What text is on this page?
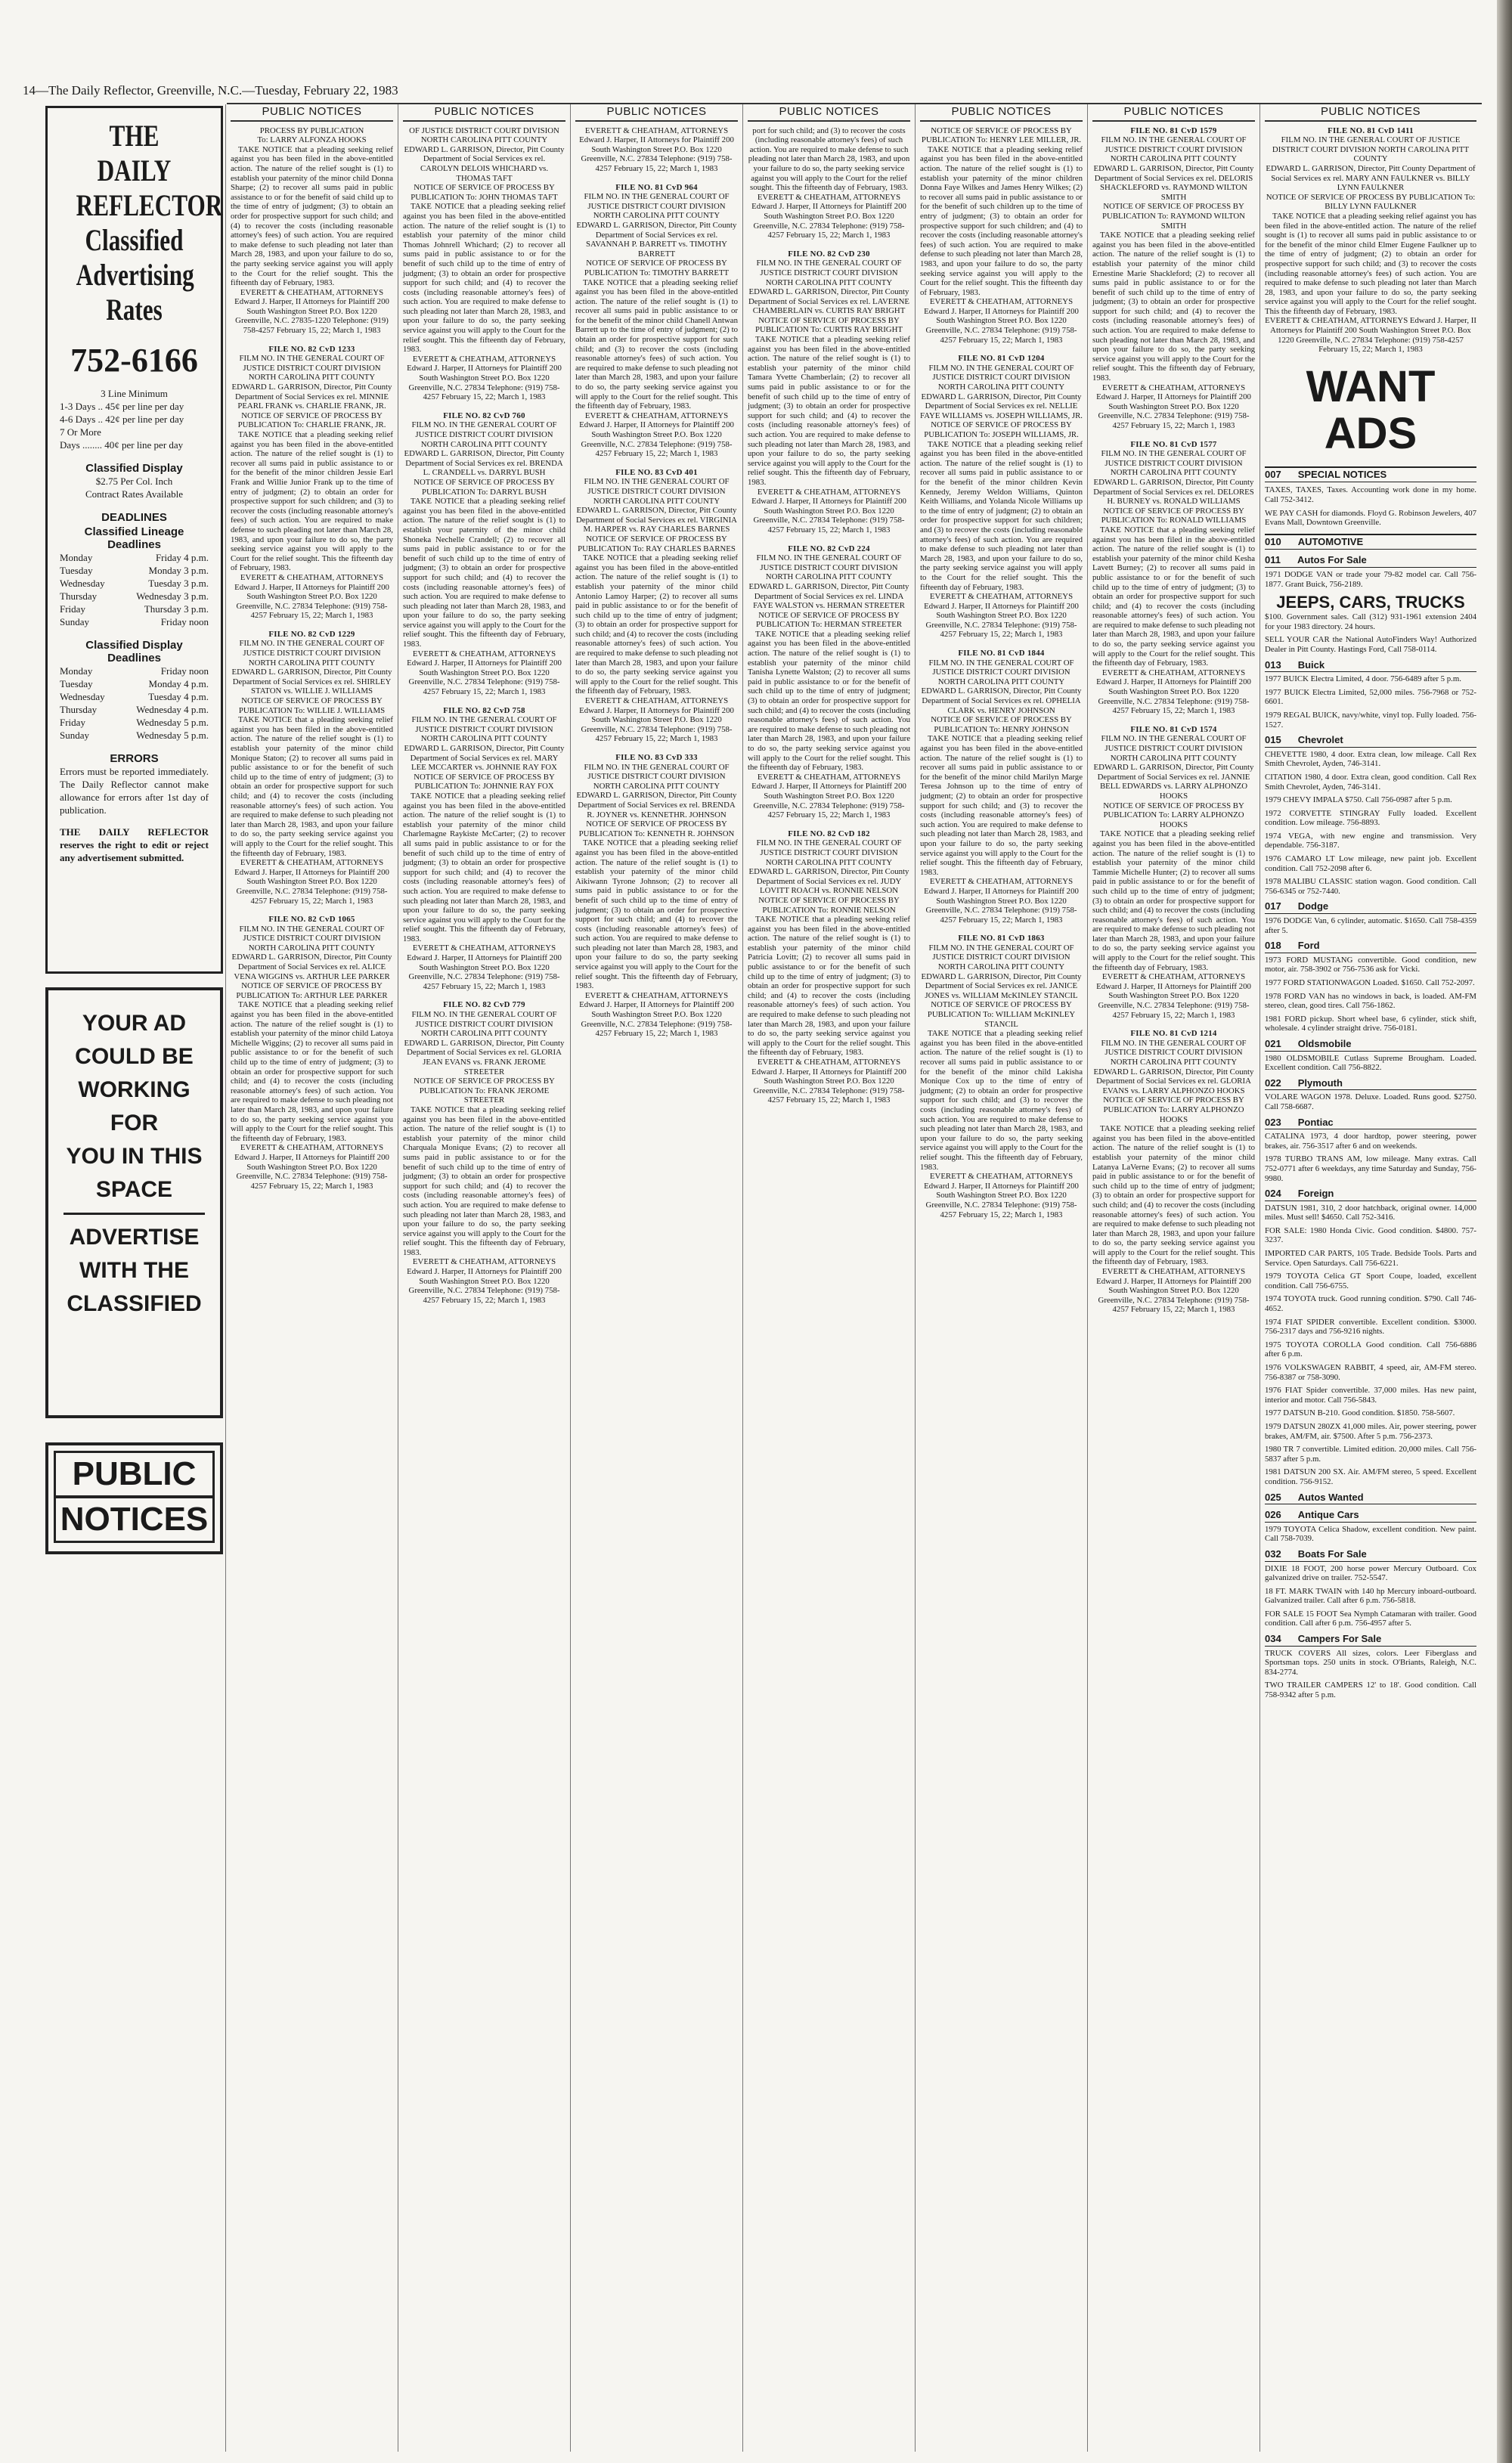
14—The Daily Reflector, Greenville, N.C.—Tuesday, February 22, 1983
THE DAILY
REFLECTOR
Classified
Advertising
Rates
752-6166
3 Line Minimum
1-3 Days .. 45¢ per line per day
4-6 Days .. 42¢ per line per day
7 Or More
Days ........ 40¢ per line per day
Classified Display
$2.75 Per Col. Inch
Contract Rates Available
DEADLINES
Classified Lineage Deadlines
Monday	Friday 4 p.m.
Tuesday	Monday 3 p.m.
Wednesday	Tuesday 3 p.m.
Thursday	Wednesday 3 p.m.
Friday	Thursday 3 p.m.
Sunday	Friday noon
Classified Display Deadlines
Monday	Friday noon
Tuesday	Monday 4 p.m.
Wednesday	Tuesday 4 p.m.
Thursday	Wednesday 4 p.m.
Friday	Wednesday 5 p.m.
Sunday	Wednesday 5 p.m.
ERRORS
Errors must be reported immediately. The Daily Reflector cannot make allowance for errors after 1st day of publication.
THE DAILY REFLECTOR reserves the right to edit or reject any advertisement submitted.
YOUR AD
COULD BE
WORKING
FOR
YOU IN THIS
SPACE
ADVERTISE
WITH THE
CLASSIFIED
PUBLIC
NOTICES
PUBLIC NOTICES
PROCESS BY PUBLICATION
To: LARRY ALFONZA HOOKS

TAKE NOTICE that a pleading seeking relief against you has been filed in the above-entitled action. The nature of the relief sought is (1) to establish your paternity of the minor child Donna Sharpe; (2) to recover all sums paid in public assistance to or for the benefit of said child up to the time of entry of judgment; (3) to obtain an order for prospective support for such child; and (4) to recover the costs (including reasonable attorney's fees) of such action. You are required to make defense to such pleading not later than March 28, 1983, and upon your failure to do so, the party seeking service against you will apply to the Court for the relief sought. This the fifteenth day of February, 1983.

EVERETT & CHEATHAM, ATTORNEYS Edward J. Harper, II Attorneys for Plaintiff 200 South Washington Street P.O. Box 1220 Greenville, N.C. 27835-1220 Telephone: (919) 758-4257 February 15, 22; March 1, 1983
FILE NO. 82 CvD 1233
FILM NO. IN THE GENERAL COURT OF JUSTICE DISTRICT COURT DIVISION NORTH CAROLINA PITT COUNTY
EDWARD L. GARRISON, Director, Pitt County Department of Social Services ex rel. MINNIE PEARL FRANK vs. CHARLIE FRANK, JR.
NOTICE OF SERVICE OF PROCESS BY PUBLICATION To: CHARLIE FRANK, JR.

TAKE NOTICE that a pleading seeking relief against you has been filed in the above-entitled action. The nature of the relief sought is (1) to recover all sums paid in public assistance to or for the benefit of the minor children Jessie Earl Frank and Willie Junior Frank up to the time of entry of judgment; (2) to obtain an order for prospective support for such children; and (3) to recover the costs (including reasonable attorney's fees) of such action. You are required to make defense to such pleading not later than March 28, 1983, and upon your failure to do so, the party seeking service against you will apply to the Court for the relief sought. This the fifteenth day of February, 1983.

EVERETT & CHEATHAM, ATTORNEYS Edward J. Harper, II Attorneys for Plaintiff 200 South Washington Street P.O. Box 1220 Greenville, N.C. 27834 Telephone: (919) 758-4257 February 15, 22; March 1, 1983
FILE NO. 82 CvD 1229
FILM NO. IN THE GENERAL COURT OF JUSTICE DISTRICT COURT DIVISION NORTH CAROLINA PITT COUNTY
EDWARD L. GARRISON, Director, Pitt County Department of Social Services ex rel. SHIRLEY STATON vs. WILLIE J. WILLIAMS
NOTICE OF SERVICE OF PROCESS BY PUBLICATION To: WILLIE J. WILLIAMS

TAKE NOTICE that a pleading seeking relief against you has been filed in the above-entitled action. The nature of the relief sought is (1) to establish your paternity of the minor child Monique Staton; (2) to recover all sums paid in public assistance to or for the benefit of such child up to the time of entry of judgment; (3) to obtain an order for prospective support for such child; and (4) to recover the costs (including reasonable attorney's fees) of such action. You are required to make defense to such pleading not later than March 28, 1983, and upon your failure to do so, the party seeking service against you will apply to the Court for the relief sought. This the fifteenth day of February, 1983.

EVERETT & CHEATHAM, ATTORNEYS Edward J. Harper, II Attorneys for Plaintiff 200 South Washington Street P.O. Box 1220 Greenville, N.C. 27834 Telephone: (919) 758-4257 February 15, 22; March 1, 1983
FILE NO. 82 CvD 1065
FILM NO. IN THE GENERAL COURT OF JUSTICE DISTRICT COURT DIVISION NORTH CAROLINA PITT COUNTY
EDWARD L. GARRISON, Director, Pitt County Department of Social Services ex rel. ALICE VENA WIGGINS vs. ARTHUR LEE PARKER
NOTICE OF SERVICE OF PROCESS BY PUBLICATION To: ARTHUR LEE PARKER

TAKE NOTICE that a pleading seeking relief against you has been filed in the above-entitled action. The nature of the relief sought is (1) to establish your paternity of the minor child Latoya Michelle Wiggins; (2) to recover all sums paid in public assistance to or for the benefit of such child up to the time of entry of judgment; (3) to obtain an order for prospective support for such child; and (4) to recover the costs (including reasonable attorney's fees) of such action. You are required to make defense to such pleading not later than March 28, 1983, and upon your failure to do so, the party seeking service against you will apply to the Court for the relief sought. This the fifteenth day of February, 1983.

EVERETT & CHEATHAM, ATTORNEYS Edward J. Harper, II Attorneys for Plaintiff 200 South Washington Street P.O. Box 1220 Greenville, N.C. 27834 Telephone: (919) 758-4257 February 15, 22; March 1, 1983
PUBLIC NOTICES
OF JUSTICE DISTRICT COURT DIVISION NORTH CAROLINA PITT COUNTY
EDWARD L. GARRISON, Director, Pitt County Department of Social Services ex rel. CAROLYN DELOIS WHICHARD vs. THOMAS TAFT
NOTICE OF SERVICE OF PROCESS BY PUBLICATION To: JOHN THOMAS TAFT

TAKE NOTICE that a pleading seeking relief against you has been filed in the above-entitled action. The nature of the relief sought is (1) to establish your paternity of the minor child Thomas Johnrell Whichard; (2) to recover all sums paid in public assistance to or for the benefit of such child up to the time of entry of judgment; (3) to obtain an order for prospective support for such child; and (4) to recover the costs (including reasonable attorney's fees) of such action. You are required to make defense to such pleading not later than March 28, 1983, and upon your failure to do so, the party seeking service against you will apply to the Court for the relief sought. This the fifteenth day of February, 1983.

EVERETT & CHEATHAM, ATTORNEYS Edward J. Harper, II Attorneys for Plaintiff 200 South Washington Street P.O. Box 1220 Greenville, N.C. 27834 Telephone: (919) 758-4257 February 15, 22; March 1, 1983
FILE NO. 82 CvD 760
FILM NO. IN THE GENERAL COURT OF JUSTICE DISTRICT COURT DIVISION NORTH CAROLINA PITT COUNTY
EDWARD L. GARRISON, Director, Pitt County Department of Social Services ex rel. BRENDA L. CRANDELL vs. DARRYL BUSH
NOTICE OF SERVICE OF PROCESS BY PUBLICATION To: DARRYL BUSH

TAKE NOTICE that a pleading seeking relief against you has been filed in the above-entitled action. The nature of the relief sought is (1) to establish your paternity of the minor child Shoneka Nechelle Crandell; (2) to recover all sums paid in public assistance to or for the benefit of such child up to the time of entry of judgment; (3) to obtain an order for prospective support for such child; and (4) to recover the costs (including reasonable attorney's fees) of such action. You are required to make defense to such pleading not later than March 28, 1983, and upon your failure to do so, the party seeking service against you will apply to the Court for the relief sought. This the fifteenth day of February, 1983.

EVERETT & CHEATHAM, ATTORNEYS Edward J. Harper, II Attorneys for Plaintiff 200 South Washington Street P.O. Box 1220 Greenville, N.C. 27834 Telephone: (919) 758-4257 February 15, 22; March 1, 1983
FILE NO. 82 CvD 758
FILM NO. IN THE GENERAL COURT OF JUSTICE DISTRICT COURT DIVISION NORTH CAROLINA PITT COUNTY
EDWARD L. GARRISON, Director, Pitt County Department of Social Services ex rel. MARY LEE MCCARTER vs. JOHNNIE RAY FOX
NOTICE OF SERVICE OF PROCESS BY PUBLICATION To: JOHNNIE RAY FOX

TAKE NOTICE that a pleading seeking relief against you has been filed in the above-entitled action. The nature of the relief sought is (1) to establish your paternity of the minor child Charlemagne Raykiste McCarter; (2) to recover all sums paid in public assistance to or for the benefit of such child up to the time of entry of judgment; (3) to obtain an order for prospective support for such child; and (4) to recover the costs (including reasonable attorney's fees) of such action. You are required to make defense to such pleading not later than March 28, 1983, and upon your failure to do so, the party seeking service against you will apply to the Court for the relief sought. This the fifteenth day of February, 1983.

EVERETT & CHEATHAM, ATTORNEYS Edward J. Harper, II Attorneys for Plaintiff 200 South Washington Street P.O. Box 1220 Greenville, N.C. 27834 Telephone: (919) 758-4257 February 15, 22; March 1, 1983
FILE NO. 82 CvD 779
FILM NO. IN THE GENERAL COURT OF JUSTICE DISTRICT COURT DIVISION NORTH CAROLINA PITT COUNTY
EDWARD L. GARRISON, Director, Pitt County Department of Social Services ex rel. GLORIA JEAN EVANS vs. FRANK JEROME STREETER
NOTICE OF SERVICE OF PROCESS BY PUBLICATION To: FRANK JEROME STREETER

TAKE NOTICE that a pleading seeking relief against you has been filed in the above-entitled action. The nature of the relief sought is (1) to establish your paternity of the minor child Charquala Monique Evans; (2) to recover all sums paid in public assistance to or for the benefit of such child up to the time of entry of judgment; (3) to obtain an order for prospective support for such child; and (4) to recover the costs (including reasonable attorney's fees) of such action. You are required to make defense to such pleading not later than March 28, 1983, and upon your failure to do so, the party seeking service against you will apply to the Court for the relief sought. This the fifteenth day of February, 1983.

EVERETT & CHEATHAM, ATTORNEYS Edward J. Harper, II Attorneys for Plaintiff 200 South Washington Street P.O. Box 1220 Greenville, N.C. 27834 Telephone: (919) 758-4257 February 15, 22; March 1, 1983
PUBLIC NOTICES
EVERETT & CHEATHAM, ATTORNEYS Edward J. Harper, II Attorneys for Plaintiff 200 South Washington Street P.O. Box 1220 Greenville, N.C. 27834 Telephone: (919) 758-4257 February 15, 22; March 1, 1983
FILE NO. 81 CvD 964
FILM NO. IN THE GENERAL COURT OF JUSTICE DISTRICT COURT DIVISION NORTH CAROLINA PITT COUNTY
EDWARD L. GARRISON, Director, Pitt County Department of Social Services ex rel. SAVANNAH P. BARRETT vs. TIMOTHY BARRETT
NOTICE OF SERVICE OF PROCESS BY PUBLICATION To: TIMOTHY BARRETT

TAKE NOTICE that a pleading seeking relief against you has been filed in the above-entitled action. The nature of the relief sought is (1) to recover all sums paid in public assistance to or for the benefit of the minor child Chanell Antwan Barrett up to the time of entry of judgment; (2) to obtain an order for prospective support for such child; and (3) to recover the costs (including reasonable attorney's fees) of such action. You are required to make defense to such pleading not later than March 28, 1983, and upon your failure to do so, the party seeking service against you will apply to the Court for the relief sought. This the fifteenth day of February, 1983.

EVERETT & CHEATHAM, ATTORNEYS Edward J. Harper, II Attorneys for Plaintiff 200 South Washington Street P.O. Box 1220 Greenville, N.C. 27834 Telephone: (919) 758-4257 February 15, 22; March 1, 1983
FILE NO. 83 CvD 401
FILM NO. IN THE GENERAL COURT OF JUSTICE DISTRICT COURT DIVISION NORTH CAROLINA PITT COUNTY
EDWARD L. GARRISON, Director, Pitt County Department of Social Services ex rel. VIRGINIA M. HARPER vs. RAY CHARLES BARNES
NOTICE OF SERVICE OF PROCESS BY PUBLICATION To: RAY CHARLES BARNES

TAKE NOTICE that a pleading seeking relief against you has been filed in the above-entitled action. The nature of the relief sought is (1) to establish your paternity of the minor child Antonio Lamoy Harper; (2) to recover all sums paid in public assistance to or for the benefit of such child up to the time of entry of judgment; (3) to obtain an order for prospective support for such child; and (4) to recover the costs (including reasonable attorney's fees) of such action. You are required to make defense to such pleading not later than March 28, 1983, and upon your failure to do so, the party seeking service against you will apply to the Court for the relief sought. This the fifteenth day of February, 1983.

EVERETT & CHEATHAM, ATTORNEYS Edward J. Harper, II Attorneys for Plaintiff 200 South Washington Street P.O. Box 1220 Greenville, N.C. 27834 Telephone: (919) 758-4257 February 15, 22; March 1, 1983
FILE NO. 83 CvD 333
FILM NO. IN THE GENERAL COURT OF JUSTICE DISTRICT COURT DIVISION NORTH CAROLINA PITT COUNTY
EDWARD L. GARRISON, Director, Pitt County Department of Social Services ex rel. BRENDA R. JOYNER vs. KENNETHR. JOHNSON
NOTICE OF SERVICE OF PROCESS BY PUBLICATION To: KENNETH R. JOHNSON

TAKE NOTICE that a pleading seeking relief against you has been filed in the above-entitled action. The nature of the relief sought is (1) to establish your paternity of the minor child Aikiwann Tyrone Johnson; (2) to recover all sums paid in public assistance to or for the benefit of such child up to the time of entry of judgment; (3) to obtain an order for prospective support for such child; and (4) to recover the costs (including reasonable attorney's fees) of such action. You are required to make defense to such pleading not later than March 28, 1983, and upon your failure to do so, the party seeking service against you will apply to the Court for the relief sought. This the fifteenth day of February, 1983.

EVERETT & CHEATHAM, ATTORNEYS Edward J. Harper, II Attorneys for Plaintiff 200 South Washington Street P.O. Box 1220 Greenville, N.C. 27834 Telephone: (919) 758-4257 February 15, 22; March 1, 1983
PUBLIC NOTICES
port for such child; and (3) to recover the costs (including reasonable attorney's fees) of such action. You are required to make defense to such pleading not later than March 28, 1983, and upon your failure to do so, the party seeking service against you will apply to the Court for the relief sought. This the fifteenth day of February, 1983.
EVERETT & CHEATHAM, ATTORNEYS Edward J. Harper, II Attorneys for Plaintiff 200 South Washington Street P.O. Box 1220 Greenville, N.C. 27834 Telephone: (919) 758-4257 February 15, 22; March 1, 1983
FILE NO. 82 CvD 230
FILM NO. IN THE GENERAL COURT OF JUSTICE DISTRICT COURT DIVISION NORTH CAROLINA PITT COUNTY
EDWARD L. GARRISON, Director, Pitt County Department of Social Services ex rel. LAVERNE CHAMBERLAIN vs. CURTIS RAY BRIGHT
NOTICE OF SERVICE OF PROCESS BY PUBLICATION To: CURTIS RAY BRIGHT

TAKE NOTICE that a pleading seeking relief against you has been filed in the above-entitled action. The nature of the relief sought is (1) to establish your paternity of the minor child Tamara Yvette Chamberlain; (2) to recover all sums paid in public assistance to or for the benefit of such child up to the time of entry of judgment; (3) to obtain an order for prospective support for such child; and (4) to recover the costs (including reasonable attorney's fees) of such action. You are required to make defense to such pleading not later than March 28, 1983, and upon your failure to do so, the party seeking service against you will apply to the Court for the relief sought. This the fifteenth day of February, 1983.

EVERETT & CHEATHAM, ATTORNEYS Edward J. Harper, II Attorneys for Plaintiff 200 South Washington Street P.O. Box 1220 Greenville, N.C. 27834 Telephone: (919) 758-4257 February 15, 22; March 1, 1983
FILE NO. 82 CvD 224
FILM NO. IN THE GENERAL COURT OF JUSTICE DISTRICT COURT DIVISION NORTH CAROLINA PITT COUNTY
EDWARD L. GARRISON, Director, Pitt County Department of Social Services ex rel. LINDA FAYE WALSTON vs. HERMAN STREETER
NOTICE OF SERVICE OF PROCESS BY PUBLICATION To: HERMAN STREETER

TAKE NOTICE that a pleading seeking relief against you has been filed in the above-entitled action. The nature of the relief sought is (1) to establish your paternity of the minor child Tanisha Lynette Walston; (2) to recover all sums paid in public assistance to or for the benefit of such child up to the time of entry of judgment; (3) to obtain an order for prospective support for such child; and (4) to recover the costs (including reasonable attorney's fees) of such action. You are required to make defense to such pleading not later than March 28, 1983, and upon your failure to do so, the party seeking service against you will apply to the Court for the relief sought. This the fifteenth day of February, 1983.

EVERETT & CHEATHAM, ATTORNEYS Edward J. Harper, II Attorneys for Plaintiff 200 South Washington Street P.O. Box 1220 Greenville, N.C. 27834 Telephone: (919) 758-4257 February 15, 22; March 1, 1983
FILE NO. 82 CvD 182
FILM NO. IN THE GENERAL COURT OF JUSTICE DISTRICT COURT DIVISION NORTH CAROLINA PITT COUNTY
EDWARD L. GARRISON, Director, Pitt County Department of Social Services ex rel. JUDY LOVITT ROACH vs. RONNIE NELSON
NOTICE OF SERVICE OF PROCESS BY PUBLICATION To: RONNIE NELSON

TAKE NOTICE that a pleading seeking relief against you has been filed in the above-entitled action. The nature of the relief sought is (1) to establish your paternity of the minor child Patricia Lovitt; (2) to recover all sums paid in public assistance to or for the benefit of such child up to the time of entry of judgment; (3) to obtain an order for prospective support for such child; and (4) to recover the costs (including reasonable attorney's fees) of such action. You are required to make defense to such pleading not later than March 28, 1983, and upon your failure to do so, the party seeking service against you will apply to the Court for the relief sought. This the fifteenth day of February, 1983.

EVERETT & CHEATHAM, ATTORNEYS Edward J. Harper, II Attorneys for Plaintiff 200 South Washington Street P.O. Box 1220 Greenville, N.C. 27834 Telephone: (919) 758-4257 February 15, 22; March 1, 1983
PUBLIC NOTICES
NOTICE OF SERVICE OF PROCESS BY PUBLICATION To: HENRY LEE MILLER, JR.

TAKE NOTICE that a pleading seeking relief against you has been filed in the above-entitled action. The nature of the relief sought is (1) to establish your paternity of the minor children Donna Faye Wilkes and James Henry Wilkes; (2) to recover all sums paid in public assistance to or for the benefit of such children up to the time of entry of judgment; (3) to obtain an order for prospective support for such children; and (4) to recover the costs (including reasonable attorney's fees) of such action. You are required to make defense to such pleading not later than March 28, 1983, and upon your failure to do so, the party seeking service against you will apply to the Court for the relief sought. This the fifteenth day of February, 1983.

EVERETT & CHEATHAM, ATTORNEYS Edward J. Harper, II Attorneys for Plaintiff 200 South Washington Street P.O. Box 1220 Greenville, N.C. 27834 Telephone: (919) 758-4257 February 15, 22; March 1, 1983
FILE NO. 81 CvD 1204
FILM NO. IN THE GENERAL COURT OF JUSTICE DISTRICT COURT DIVISION NORTH CAROLINA PITT COUNTY
EDWARD L. GARRISON, Director, Pitt County Department of Social Services ex rel. NELLIE FAYE WILLIAMS vs. JOSEPH WILLIAMS, JR.
NOTICE OF SERVICE OF PROCESS BY PUBLICATION To: JOSEPH WILLIAMS, JR.

TAKE NOTICE that a pleading seeking relief against you has been filed in the above-entitled action. The nature of the relief sought is (1) to recover all sums paid in public assistance to or for the benefit of the minor children Kevin Kennedy, Jeremy Weldon Williams, Quinton Keith Williams, and Yolanda Nicole Williams up to the time of entry of judgment; (2) to obtain an order for prospective support for such children; and (3) to recover the costs (including reasonable attorney's fees) of such action. You are required to make defense to such pleading not later than March 28, 1983, and upon your failure to do so, the party seeking service against you will apply to the Court for the relief sought. This the fifteenth day of February, 1983.

EVERETT & CHEATHAM, ATTORNEYS Edward J. Harper, II Attorneys for Plaintiff 200 South Washington Street P.O. Box 1220 Greenville, N.C. 27834 Telephone: (919) 758-4257 February 15, 22; March 1, 1983
FILE NO. 81 CvD 1844
FILM NO. IN THE GENERAL COURT OF JUSTICE DISTRICT COURT DIVISION NORTH CAROLINA PITT COUNTY
EDWARD L. GARRISON, Director, Pitt County Department of Social Services ex rel. OPHELIA CLARK vs. HENRY JOHNSON
NOTICE OF SERVICE OF PROCESS BY PUBLICATION To: HENRY JOHNSON

TAKE NOTICE that a pleading seeking relief against you has been filed in the above-entitled action. The nature of the relief sought is (1) to recover all sums paid in public assistance to or for the benefit of the minor child Marilyn Marge Teresa Johnson up to the time of entry of judgment; (2) to obtain an order for prospective support for such child; and (3) to recover the costs (including reasonable attorney's fees) of such action. You are required to make defense to such pleading not later than March 28, 1983, and upon your failure to do so, the party seeking service against you will apply to the Court for the relief sought. This the fifteenth day of February, 1983.

EVERETT & CHEATHAM, ATTORNEYS Edward J. Harper, II Attorneys for Plaintiff 200 South Washington Street P.O. Box 1220 Greenville, N.C. 27834 Telephone: (919) 758-4257 February 15, 22; March 1, 1983
FILE NO. 81 CvD 1863
FILM NO. IN THE GENERAL COURT OF JUSTICE DISTRICT COURT DIVISION NORTH CAROLINA PITT COUNTY
EDWARD L. GARRISON, Director, Pitt County Department of Social Services ex rel. JANICE JONES vs. WILLIAM McKINLEY STANCIL
NOTICE OF SERVICE OF PROCESS BY PUBLICATION To: WILLIAM McKINLEY STANCIL

TAKE NOTICE that a pleading seeking relief against you has been filed in the above-entitled action. The nature of the relief sought is (1) to recover all sums paid in public assistance to or for the benefit of the minor child Lakisha Monique Cox up to the time of entry of judgment; (2) to obtain an order for prospective support for such child; and (3) to recover the costs (including reasonable attorney's fees) of such action. You are required to make defense to such pleading not later than March 28, 1983, and upon your failure to do so, the party seeking service against you will apply to the Court for the relief sought. This the fifteenth day of February, 1983.

EVERETT & CHEATHAM, ATTORNEYS Edward J. Harper, II Attorneys for Plaintiff 200 South Washington Street P.O. Box 1220 Greenville, N.C. 27834 Telephone: (919) 758-4257 February 15, 22; March 1, 1983
PUBLIC NOTICES
FILE NO. 81 CvD 1579
FILM NO. IN THE GENERAL COURT OF JUSTICE DISTRICT COURT DIVISION NORTH CAROLINA PITT COUNTY
EDWARD L. GARRISON, Director, Pitt County Department of Social Services ex rel. DELORIS SHACKLEFORD vs. RAYMOND WILTON SMITH
NOTICE OF SERVICE OF PROCESS BY PUBLICATION To: RAYMOND WILTON SMITH

TAKE NOTICE that a pleading seeking relief against you has been filed in the above-entitled action. The nature of the relief sought is (1) to establish your paternity of the minor child Ernestine Marie Shackleford; (2) to recover all sums paid in public assistance to or for the benefit of such child up to the time of entry of judgment; (3) to obtain an order for prospective support for such child; and (4) to recover the costs (including reasonable attorney's fees) of such action. You are required to make defense to such pleading not later than March 28, 1983, and upon your failure to do so, the party seeking service against you will apply to the Court for the relief sought. This the fifteenth day of February, 1983.

EVERETT & CHEATHAM, ATTORNEYS Edward J. Harper, II Attorneys for Plaintiff 200 South Washington Street P.O. Box 1220 Greenville, N.C. 27834 Telephone: (919) 758-4257 February 15, 22; March 1, 1983
FILE NO. 81 CvD 1577
FILM NO. IN THE GENERAL COURT OF JUSTICE DISTRICT COURT DIVISION NORTH CAROLINA PITT COUNTY
EDWARD L. GARRISON, Director, Pitt County Department of Social Services ex rel. DELORES H. BURNEY vs. RONALD WILLIAMS
NOTICE OF SERVICE OF PROCESS BY PUBLICATION To: RONALD WILLIAMS

TAKE NOTICE that a pleading seeking relief against you has been filed in the above-entitled action. The nature of the relief sought is (1) to establish your paternity of the minor child Kesha Lavett Burney; (2) to recover all sums paid in public assistance to or for the benefit of such child up to the time of entry of judgment; (3) to obtain an order for prospective support for such child; and (4) to recover the costs (including reasonable attorney's fees) of such action. You are required to make defense to such pleading not later than March 28, 1983, and upon your failure to do so, the party seeking service against you will apply to the Court for the relief sought. This the fifteenth day of February, 1983.

EVERETT & CHEATHAM, ATTORNEYS Edward J. Harper, II Attorneys for Plaintiff 200 South Washington Street P.O. Box 1220 Greenville, N.C. 27834 Telephone: (919) 758-4257 February 15, 22; March 1, 1983
FILE NO. 81 CvD 1574
FILM NO. IN THE GENERAL COURT OF JUSTICE DISTRICT COURT DIVISION NORTH CAROLINA PITT COUNTY
EDWARD L. GARRISON, Director, Pitt County Department of Social Services ex rel. JANNIE BELL EDWARDS vs. LARRY ALPHONZO HOOKS
NOTICE OF SERVICE OF PROCESS BY PUBLICATION To: LARRY ALPHONZO HOOKS

TAKE NOTICE that a pleading seeking relief against you has been filed in the above-entitled action. The nature of the relief sought is (1) to establish your paternity of the minor child Tammie Michelle Hunter; (2) to recover all sums paid in public assistance to or for the benefit of such child up to the time of entry of judgment; (3) to obtain an order for prospective support for such child; and (4) to recover the costs (including reasonable attorney's fees) of such action. You are required to make defense to such pleading not later than March 28, 1983, and upon your failure to do so, the party seeking service against you will apply to the Court for the relief sought. This the fifteenth day of February, 1983.

EVERETT & CHEATHAM, ATTORNEYS Edward J. Harper, II Attorneys for Plaintiff 200 South Washington Street P.O. Box 1220 Greenville, N.C. 27834 Telephone: (919) 758-4257 February 15, 22; March 1, 1983
FILE NO. 81 CvD 1214
FILM NO. IN THE GENERAL COURT OF JUSTICE DISTRICT COURT DIVISION NORTH CAROLINA PITT COUNTY
EDWARD L. GARRISON, Director, Pitt County Department of Social Services ex rel. GLORIA EVANS vs. LARRY ALPHONZO HOOKS
NOTICE OF SERVICE OF PROCESS BY PUBLICATION To: LARRY ALPHONZO HOOKS

TAKE NOTICE that a pleading seeking relief against you has been filed in the above-entitled action. The nature of the relief sought is (1) to establish your paternity of the minor child Latanya LaVerne Evans; (2) to recover all sums paid in public assistance to or for the benefit of such child up to the time of entry of judgment; (3) to obtain an order for prospective support for such child; and (4) to recover the costs (including reasonable attorney's fees) of such action. You are required to make defense to such pleading not later than March 28, 1983, and upon your failure to do so, the party seeking service against you will apply to the Court for the relief sought. This the fifteenth day of February, 1983.

EVERETT & CHEATHAM, ATTORNEYS Edward J. Harper, II Attorneys for Plaintiff 200 South Washington Street P.O. Box 1220 Greenville, N.C. 27834 Telephone: (919) 758-4257 February 15, 22; March 1, 1983
PUBLIC NOTICES
FILE NO. 81 CvD 1411
FILM NO. IN THE GENERAL COURT OF JUSTICE DISTRICT COURT DIVISION NORTH CAROLINA PITT COUNTY
EDWARD L. GARRISON, Director, Pitt County Department of Social Services ex rel. MARY ANN FAULKNER vs. BILLY LYNN FAULKNER
NOTICE OF SERVICE OF PROCESS BY PUBLICATION To: BILLY LYNN FAULKNER

TAKE NOTICE that a pleading seeking relief against you has been filed in the above-entitled action. The nature of the relief sought is (1) to recover all sums paid in public assistance to or for the benefit of the minor child Elmer Eugene Faulkner up to the time of entry of judgment; (2) to obtain an order for prospective support for such child; and (3) to recover the costs (including reasonable attorney's fees) of such action. You are required to make defense to such pleading not later than March 28, 1983, and upon your failure to do so, the party seeking service against you will apply to the Court for the relief sought. This the fifteenth day of February, 1983.

EVERETT & CHEATHAM, ATTORNEYS Edward J. Harper, II Attorneys for Plaintiff 200 South Washington Street P.O. Box 1220 Greenville, N.C. 27834 Telephone: (919) 758-4257 February 15, 22; March 1, 1983
WANT
ADS
007 SPECIAL NOTICES
TAXES, TAXES, Taxes. Accounting work done in my home. Call 752-3412.
WE PAY CASH for diamonds. Floyd G. Robinson Jewelers, 407 Evans Mall, Downtown Greenville.
010 AUTOMOTIVE
011 Autos For Sale
1971 DODGE VAN or trade your 79-82 model car. Call 756-1877. Grant Buick, 756-2189.
JEEPS, CARS, TRUCKS
$100. Government sales. Call (312) 931-1961 extension 2404 for your 1983 directory. 24 hours.
SELL YOUR CAR the National AutoFinders Way! Authorized Dealer in Pitt County. Hastings Ford, Call 758-0114.
013 Buick
1977 BUICK Electra Limited, 4 door. 756-6489 after 5 p.m.
1977 BUICK Electra Limited, 52,000 miles. 756-7968 or 752-6601.
1979 REGAL BUICK, navy/white, vinyl top. Fully loaded. 756-1527.
015 Chevrolet
CHEVETTE 1980, 4 door. Extra clean, low mileage. Call Rex Smith Chevrolet, Ayden, 746-3141.
CITATION 1980, 4 door. Extra clean, good condition. Call Rex Smith Chevrolet, Ayden, 746-3141.
1979 CHEVY IMPALA $750. Call 756-0987 after 5 p.m.
1972 CORVETTE STINGRAY Fully loaded. Excellent condition. Low mileage. 756-8893.
1974 VEGA, with new engine and transmission. Very dependable. 756-3187.
1976 CAMARO LT Low mileage, new paint job. Excellent condition. Call 752-2098 after 6.
1978 MALIBU CLASSIC station wagon. Good condition. Call 756-6345 or 752-7440.
017 Dodge
1976 DODGE Van, 6 cylinder, automatic. $1650. Call 758-4359 after 5.
018 Ford
1973 FORD MUSTANG convertible. Good condition, new motor, air. 758-3902 or 756-7536 ask for Vicki.
1977 FORD STATIONWAGON Loaded. $1650. Call 752-2097.
1978 FORD VAN has no windows in back, is loaded. AM-FM stereo, clean, good tires. Call 756-1862.
1981 FORD pickup. Short wheel base, 6 cylinder, stick shift, wholesale. 4 cylinder straight drive. 756-0181.
021 Oldsmobile
1980 OLDSMOBILE Cutlass Supreme Brougham. Loaded. Excellent condition. Call 756-8822.
022 Plymouth
VOLARE WAGON 1978. Deluxe. Loaded. Runs good. $2750. Call 758-6687.
023 Pontiac
CATALINA 1973, 4 door hardtop, power steering, power brakes, air. 756-3517 after 6 and on weekends.
1978 TURBO TRANS AM, low mileage. Many extras. Call 752-0771 after 6 weekdays, any time Saturday and Sunday, 756-9980.
024 Foreign
DATSUN 1981, 310, 2 door hatchback, original owner. 14,000 miles. Must sell! $4650. Call 752-3416.
FOR SALE: 1980 Honda Civic. Good condition. $4800. 757-3237.
IMPORTED CAR PARTS, 105 Trade. Bedside Tools. Parts and Service. Open Saturdays. Call 756-6221.
1979 TOYOTA Celica GT Sport Coupe, loaded, excellent condition. Call 756-6755.
1974 TOYOTA truck. Good running condition. $790. Call 746-4652.
1974 FIAT SPIDER convertible. Excellent condition. $3000. 756-2317 days and 756-9216 nights.
1975 TOYOTA COROLLA Good condition. Call 756-6886 after 6 p.m.
1976 VOLKSWAGEN RABBIT, 4 speed, air, AM-FM stereo. 756-8387 or 758-3090.
1976 FIAT Spider convertible. 37,000 miles. Has new paint, interior and motor. Call 756-5843.
1977 DATSUN B-210. Good condition. $1850. 758-5607.
1979 DATSUN 280ZX 41,000 miles. Air, power steering, power brakes, AM/FM, air. $7500. After 5 p.m. 756-2373.
1980 TR 7 convertible. Limited edition. 20,000 miles. Call 756-5837 after 5 p.m.
1981 DATSUN 200 SX. Air. AM/FM stereo, 5 speed. Excellent condition. 756-9152.
025 Autos Wanted
026 Antique Cars
1979 TOYOTA Celica Shadow, excellent condition. New paint. Call 758-7039.
032 Boats For Sale
DIXIE 18 FOOT, 200 horse power Mercury Outboard. Cox galvanized drive on trailer. 752-5547.
18 FT. MARK TWAIN with 140 hp Mercury inboard-outboard. Galvanized trailer. Call after 6 p.m. 756-5818.
FOR SALE 15 FOOT Sea Nymph Catamaran with trailer. Good condition. Call after 6 p.m. 756-4957 after 5.
034 Campers For Sale
TRUCK COVERS All sizes, colors. Leer Fiberglass and Sportsman tops. 250 units in stock. O'Briants, Raleigh, N.C. 834-2774.
TWO TRAILER CAMPERS 12' to 18'. Good condition. Call 758-9342 after 5 p.m.
